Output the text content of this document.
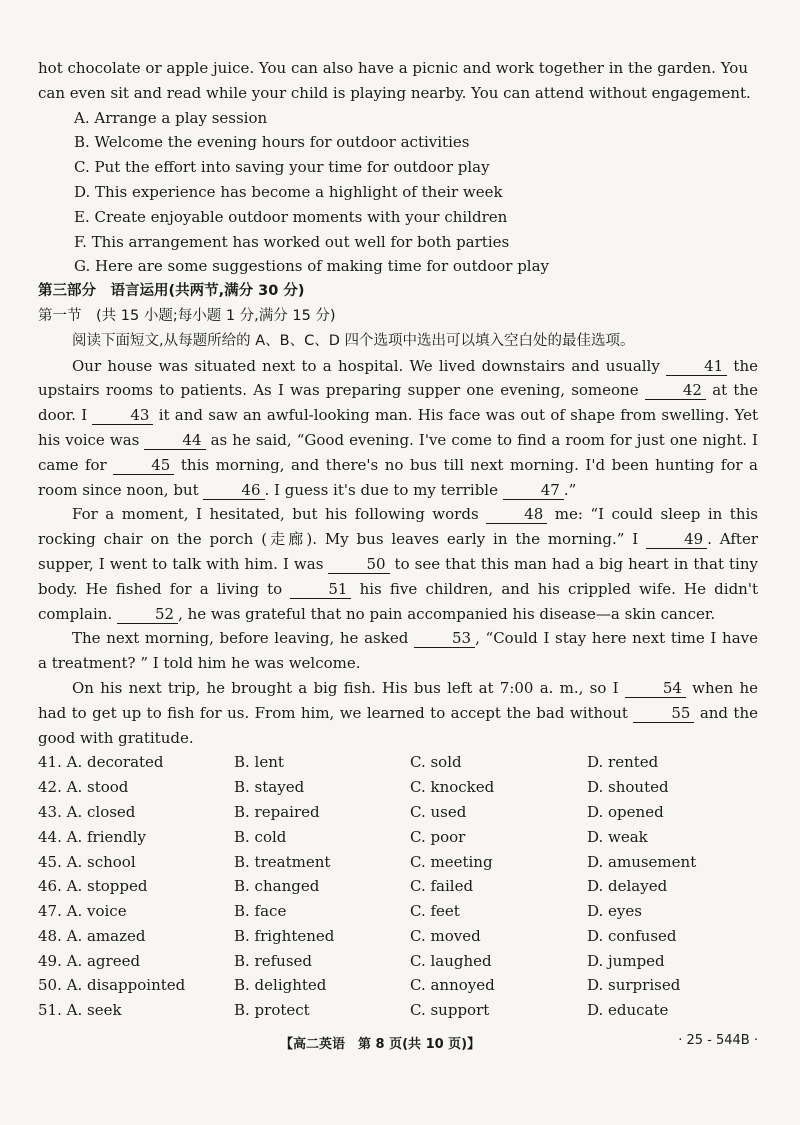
hot chocolate or apple juice. You can also have a picnic and work together in the garden. You

can even sit and read while your child is playing nearby. You can attend without engagement.

A. Arrange a play session

B. Welcome the evening hours for outdoor activities

C. Put the effort into saving your time for outdoor play

D. This experience has become a highlight of their week

E. Create enjoyable outdoor moments with your children

F. This arrangement has worked out well for both parties

G. Here are some suggestions of making time for outdoor play

第三部分　语言运用(共两节,满分 30 分)

第一节　(共 15 小题;每小题 1 分,满分 15 分)

阅读下面短文,从每题所给的 A、B、C、D 四个选项中选出可以填入空白处的最佳选项。

Our house was situated next to a hospital. We lived downstairs and usually	41 the upstairs rooms to patients. As I was preparing supper one evening, someone	42 at the door. I	43 it and saw an awful-looking man. His face was out of shape from swelling. Yet his voice was	44 as he said, “Good evening. I've come to find a room for just one night. I came for	45 this morning, and there's no bus till next morning. I'd been hunting for a room since noon, but	46 . I guess it's due to my terrible	47 .”

For a moment, I hesitated, but his following words	48 me: “I could sleep in this rocking chair on the porch (走廊). My bus leaves early in the morning.” I	49 . After supper, I went to talk with him. I was	50 to see that this man had a big heart in that tiny body. He fished for a living to	51 his five children, and his crippled wife. He didn't complain.	52 , he was grateful that no pain accompanied his disease—a skin cancer.

The next morning, before leaving, he asked	53 , “Could I stay here next time I have a treatment? ” I told him he was welcome.

On his next trip, he brought a big fish. His bus left at 7:00 a. m., so I	54 when he had to get up to fish for us. From him, we learned to accept the bad without	55 and the good with gratitude.

41. A. decorated	B. lent	C. sold	D. rented
42. A. stood	B. stayed	C. knocked	D. shouted
43. A. closed	B. repaired	C. used	D. opened
44. A. friendly	B. cold	C. poor	D. weak
45. A. school	B. treatment	C. meeting	D. amusement
46. A. stopped	B. changed	C. failed	D. delayed
47. A. voice	B. face	C. feet	D. eyes
48. A. amazed	B. frightened	C. moved	D. confused
49. A. agreed	B. refused	C. laughed	D. jumped
50. A. disappointed	B. delighted	C. annoyed	D. surprised
51. A. seek	B. protect	C. support	D. educate
【高二英语　第 8 页(共 10 页)】	· 25 - 544B ·
